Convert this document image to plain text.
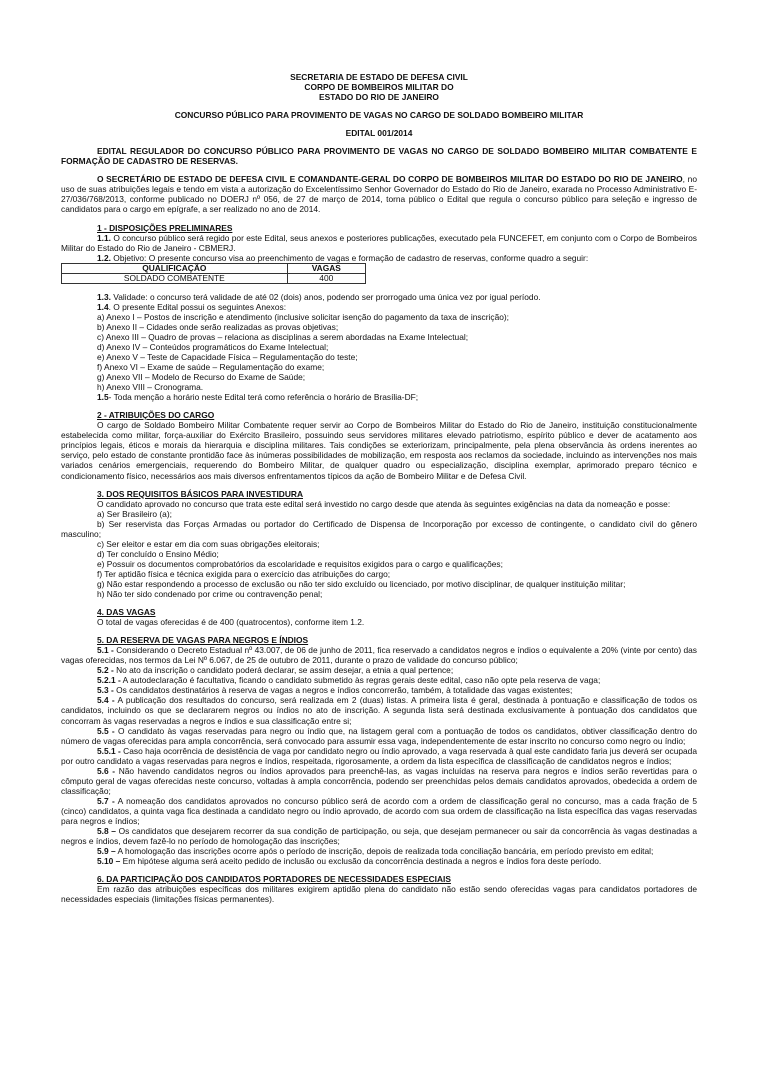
SECRETARIA DE ESTADO DE DEFESA CIVIL

CORPO DE BOMBEIROS MILITAR DO

ESTADO DO RIO DE JANEIRO

CONCURSO PÚBLICO PARA PROVIMENTO DE VAGAS NO CARGO DE SOLDADO BOMBEIRO MILITAR

EDITAL 001/2014

EDITAL REGULADOR DO CONCURSO PÚBLICO PARA PROVIMENTO DE VAGAS NO CARGO DE SOLDADO BOMBEIRO MILITAR COMBATENTE E FORMAÇÃO DE CADASTRO DE RESERVAS.

O SECRETÁRIO DE ESTADO DE DEFESA CIVIL E COMANDANTE-GERAL DO CORPO DE BOMBEIROS MILITAR DO ESTADO DO RIO DE JANEIRO, no uso de suas atribuições legais e tendo em vista a autorização do Excelentíssimo Senhor Governador do Estado do Rio de Janeiro, exarada no Processo Administrativo E-27/036/768/2013, conforme publicado no DOERJ nº 056, de 27 de março de 2014, torna público o Edital que regula o concurso público para seleção e ingresso de candidatos para o cargo em epígrafe, a ser realizado no ano de 2014.

1 - DISPOSIÇÕES PRELIMINARES

1.1. O concurso público será regido por este Edital, seus anexos e posteriores publicações, executado pela FUNCEFET, em conjunto com o Corpo de Bombeiros Militar do Estado do Rio de Janeiro - CBMERJ.

1.2. Objetivo: O presente concurso visa ao preenchimento de vagas e formação de cadastro de reservas, conforme quadro a seguir:

QUALIFICAÇÃO	VAGAS
SOLDADO COMBATENTE	400

1.3. Validade: o concurso terá validade de até 02 (dois) anos, podendo ser prorrogado uma única vez por igual período.

1.4. O presente Edital possui os seguintes Anexos:

a) Anexo I – Postos de inscrição e atendimento (inclusive solicitar isenção do pagamento da taxa de inscrição);

b) Anexo II – Cidades onde serão realizadas as provas objetivas;

c) Anexo III – Quadro de provas – relaciona as disciplinas a serem abordadas na Exame Intelectual;

d) Anexo IV – Conteúdos programáticos do Exame Intelectual;

e) Anexo V – Teste de Capacidade Física – Regulamentação do teste;

f) Anexo VI – Exame de saúde – Regulamentação do exame;

g) Anexo VII – Modelo de Recurso do Exame de Saúde;

h) Anexo VIII – Cronograma.

1.5- Toda menção a horário neste Edital terá como referência o horário de Brasília-DF;

2 - ATRIBUIÇÕES DO CARGO

O cargo de Soldado Bombeiro Militar Combatente requer servir ao Corpo de Bombeiros Militar do Estado do Rio de Janeiro, instituição constitucionalmente estabelecida como militar, força-auxiliar do Exército Brasileiro, possuindo seus servidores militares elevado patriotismo, espírito público e dever de acatamento aos princípios legais, éticos e morais da hierarquia e disciplina militares. Tais condições se exteriorizam, principalmente, pela plena observância às ordens inerentes ao serviço, pelo estado de constante prontidão face às inúmeras possibilidades de mobilização, em resposta aos reclamos da sociedade, incluindo as intervenções nos mais variados cenários emergenciais, requerendo do Bombeiro Militar, de qualquer quadro ou especialização, disciplina exemplar, aprimorado preparo técnico e condicionamento físico, necessários aos mais diversos enfrentamentos típicos da ação de Bombeiro Militar e de Defesa Civil.

3. DOS REQUISITOS BÁSICOS PARA INVESTIDURA

O candidato aprovado no concurso que trata este edital será investido no cargo desde que atenda às seguintes exigências na data da nomeação e posse:

a) Ser Brasileiro (a);

b) Ser reservista das Forças Armadas ou portador do Certificado de Dispensa de Incorporação por excesso de contingente, o candidato civil do gênero masculino;

c) Ser eleitor e estar em dia com suas obrigações eleitorais;

d) Ter concluído o Ensino Médio;

e) Possuir os documentos comprobatórios da escolaridade e requisitos exigidos para o cargo e qualificações;

f) Ter aptidão física e técnica exigida para o exercício das atribuições do cargo;

g) Não estar respondendo a processo de exclusão ou não ter sido excluído ou licenciado, por motivo disciplinar, de qualquer instituição militar;

h) Não ter sido condenado por crime ou contravenção penal;

4. DAS VAGAS

O total de vagas oferecidas é de 400 (quatrocentos), conforme item 1.2.

5. DA RESERVA DE VAGAS PARA NEGROS E ÍNDIOS

5.1 - Considerando o Decreto Estadual nº 43.007, de 06 de junho de 2011, fica reservado a candidatos negros e índios o equivalente a 20% (vinte por cento) das vagas oferecidas, nos termos da Lei Nº 6.067, de 25 de outubro de 2011, durante o prazo de validade do concurso público;

5.2 - No ato da inscrição o candidato poderá declarar, se assim desejar, a etnia a qual pertence;

5.2.1 - A autodeclaração é facultativa, ficando o candidato submetido às regras gerais deste edital, caso não opte pela reserva de vaga;

5.3 - Os candidatos destinatários à reserva de vagas a negros e índios concorrerão, também, à totalidade das vagas existentes;

5.4 - A publicação dos resultados do concurso, será realizada em 2 (duas) listas. A primeira lista é geral, destinada à pontuação e classificação de todos os candidatos, incluindo os que se declararem negros ou índios no ato de inscrição. A segunda lista será destinada exclusivamente à pontuação dos candidatos que concorram às vagas reservadas a negros e índios e sua classificação entre si;

5.5 - O candidato às vagas reservadas para negro ou índio que, na listagem geral com a pontuação de todos os candidatos, obtiver classificação dentro do número de vagas oferecidas para ampla concorrência, será convocado para assumir essa vaga, independentemente de estar inscrito no concurso como negro ou índio;

5.5.1 - Caso haja ocorrência de desistência de vaga por candidato negro ou índio aprovado, a vaga reservada à qual este candidato faria jus deverá ser ocupada por outro candidato a vagas reservadas para negros e índios, respeitada, rigorosamente, a ordem da lista específica de classificação de candidatos negros e índios;

5.6 - Não havendo candidatos negros ou índios aprovados para preenchê-las, as vagas incluídas na reserva para negros e índios serão revertidas para o cômputo geral de vagas oferecidas neste concurso, voltadas à ampla concorrência, podendo ser preenchidas pelos demais candidatos aprovados, obedecida a ordem de classificação;

5.7 - A nomeação dos candidatos aprovados no concurso público será de acordo com a ordem de classificação geral no concurso, mas a cada fração de 5 (cinco) candidatos, a quinta vaga fica destinada a candidato negro ou índio aprovado, de acordo com sua ordem de classificação na lista específica das vagas reservadas para negros e índios;

5.8 – Os candidatos que desejarem recorrer da sua condição de participação, ou seja, que desejam permanecer ou sair da concorrência às vagas destinadas a negros e índios, devem fazê-lo no período de homologação das inscrições;

5.9 – A homologação das inscrições ocorre após o período de inscrição, depois de realizada toda conciliação bancária, em período previsto em edital;

5.10 – Em hipótese alguma será aceito pedido de inclusão ou exclusão da concorrência destinada a negros e índios fora deste período.

6. DA PARTICIPAÇÃO DOS CANDIDATOS PORTADORES DE NECESSIDADES ESPECIAIS

Em razão das atribuições específicas dos militares exigirem aptidão plena do candidato não estão sendo oferecidas vagas para candidatos portadores de necessidades especiais (limitações físicas permanentes).
